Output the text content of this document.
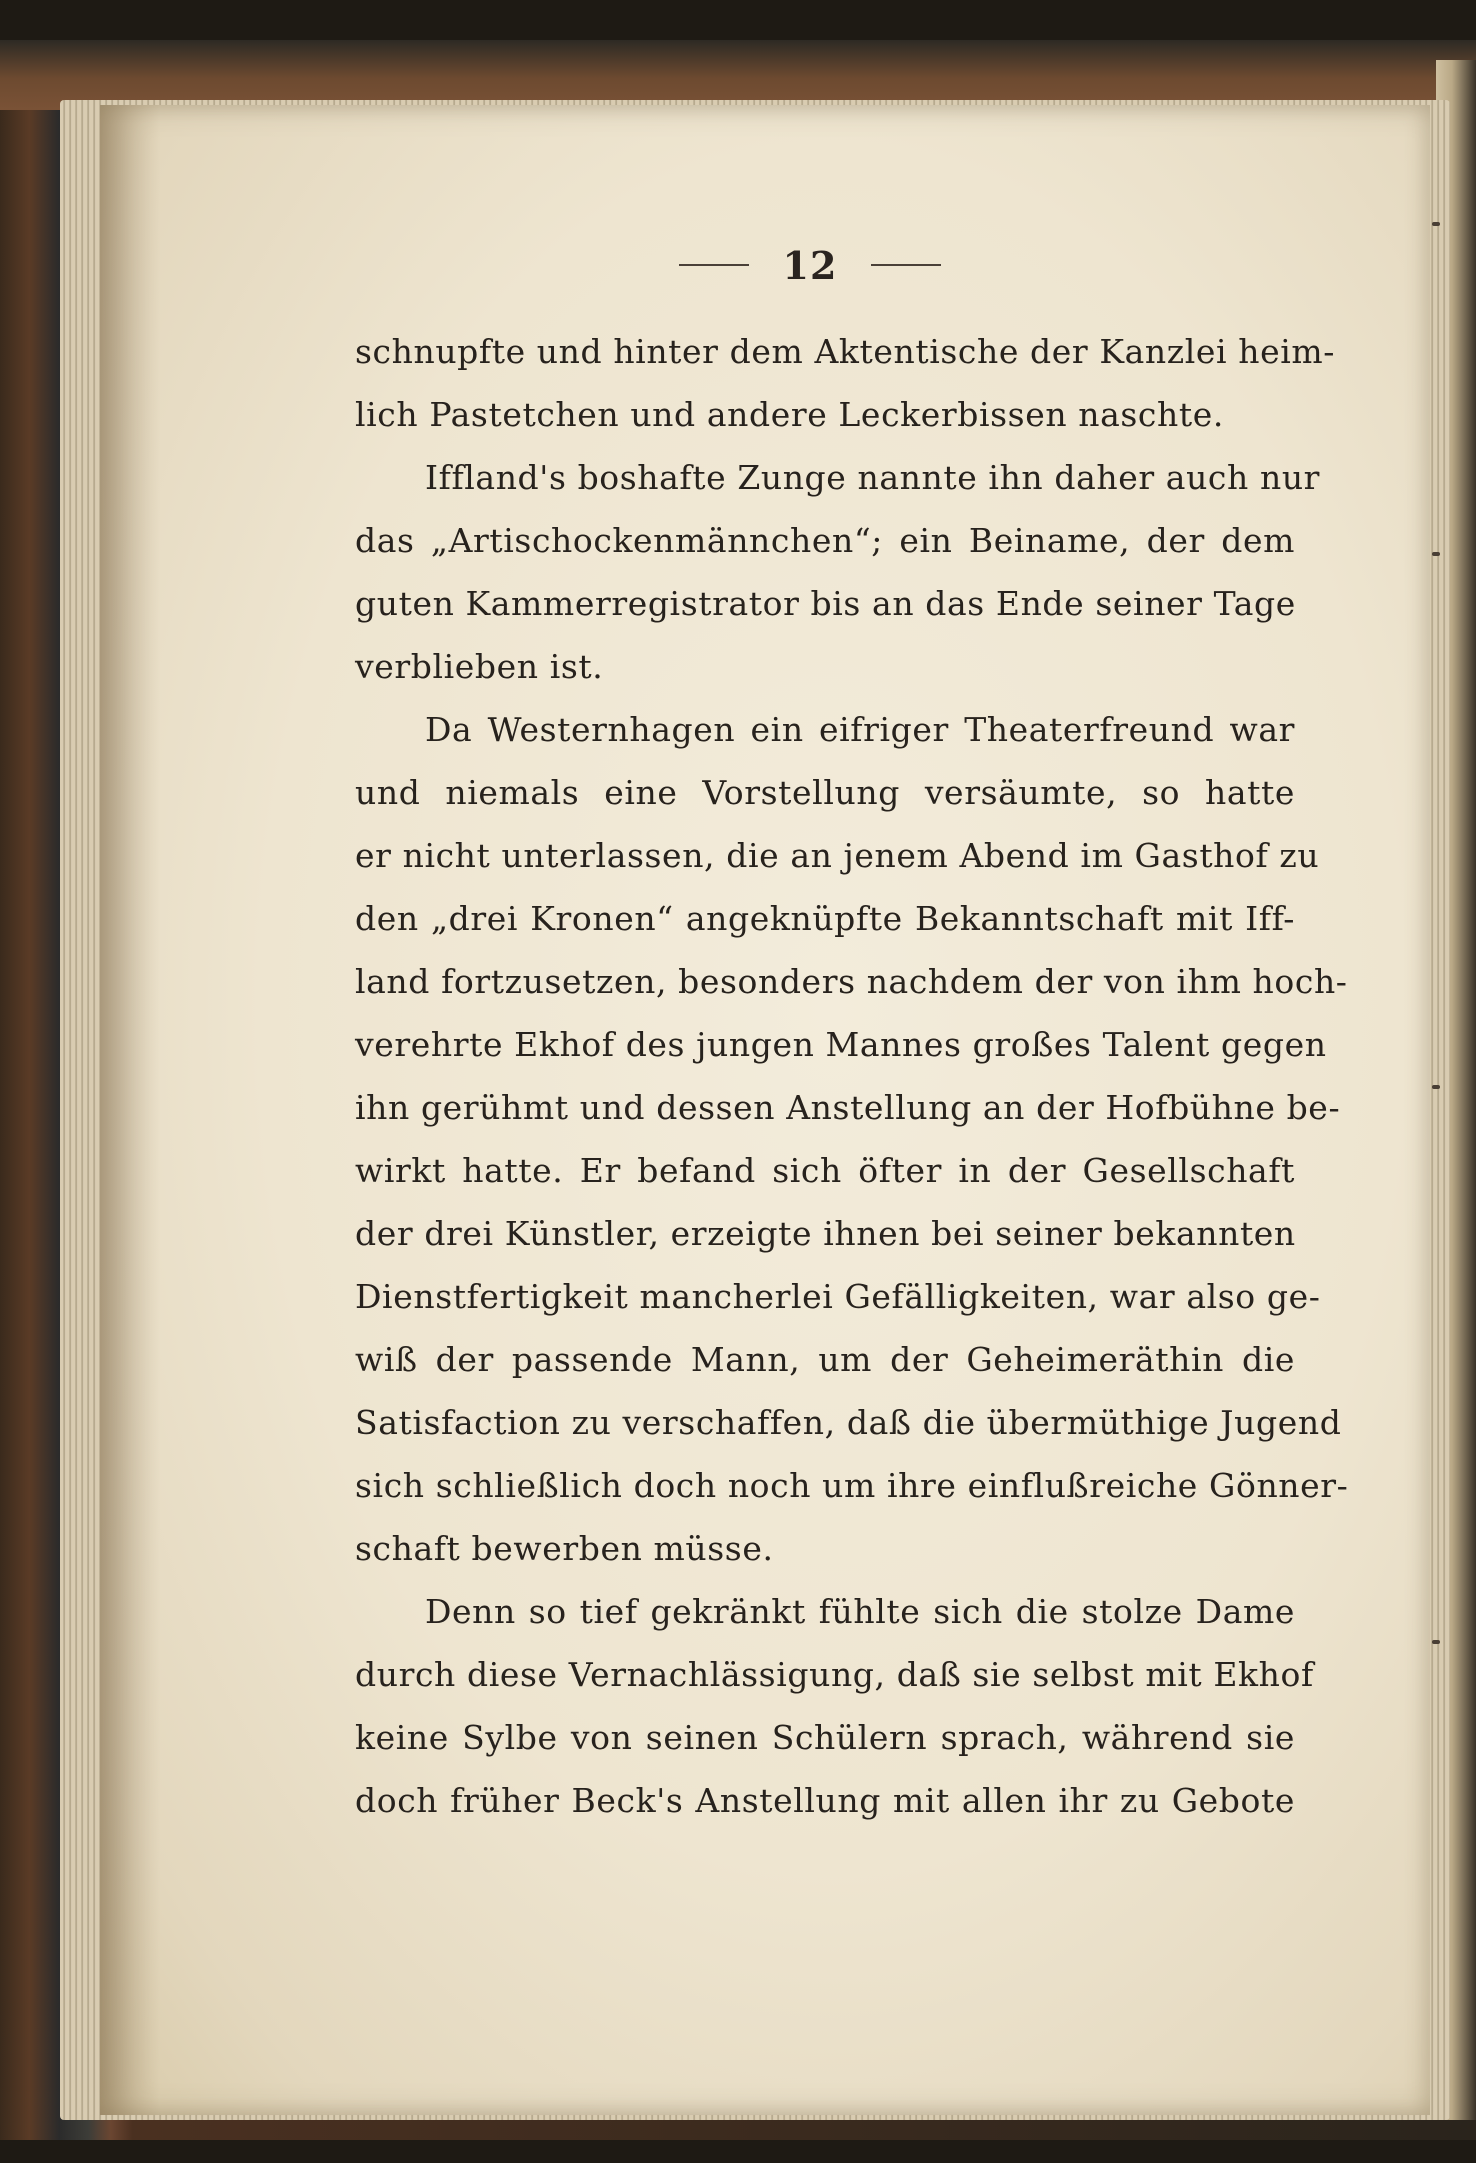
12
schnupfte und hinter dem Aktentische der Kanzlei heim-
lich Pastetchen und andere Leckerbissen naschte.
Iffland's boshafte Zunge nannte ihn daher auch nur
das „Artischockenmännchen“; ein Beiname, der dem
guten Kammerregistrator bis an das Ende seiner Tage
verblieben ist.
Da Westernhagen ein eifriger Theaterfreund war
und niemals eine Vorstellung versäumte, so hatte
er nicht unterlassen, die an jenem Abend im Gasthof zu
den „drei Kronen“ angeknüpfte Bekanntschaft mit Iff-
land fortzusetzen, besonders nachdem der von ihm hoch-
verehrte Ekhof des jungen Mannes großes Talent gegen
ihn gerühmt und dessen Anstellung an der Hofbühne be-
wirkt hatte. Er befand sich öfter in der Gesellschaft
der drei Künstler, erzeigte ihnen bei seiner bekannten
Dienstfertigkeit mancherlei Gefälligkeiten, war also ge-
wiß der passende Mann, um der Geheimeräthin die
Satisfaction zu verschaffen, daß die übermüthige Jugend
sich schließlich doch noch um ihre einflußreiche Gönner-
schaft bewerben müsse.
Denn so tief gekränkt fühlte sich die stolze Dame
durch diese Vernachlässigung, daß sie selbst mit Ekhof
keine Sylbe von seinen Schülern sprach, während sie
doch früher Beck's Anstellung mit allen ihr zu Gebote
